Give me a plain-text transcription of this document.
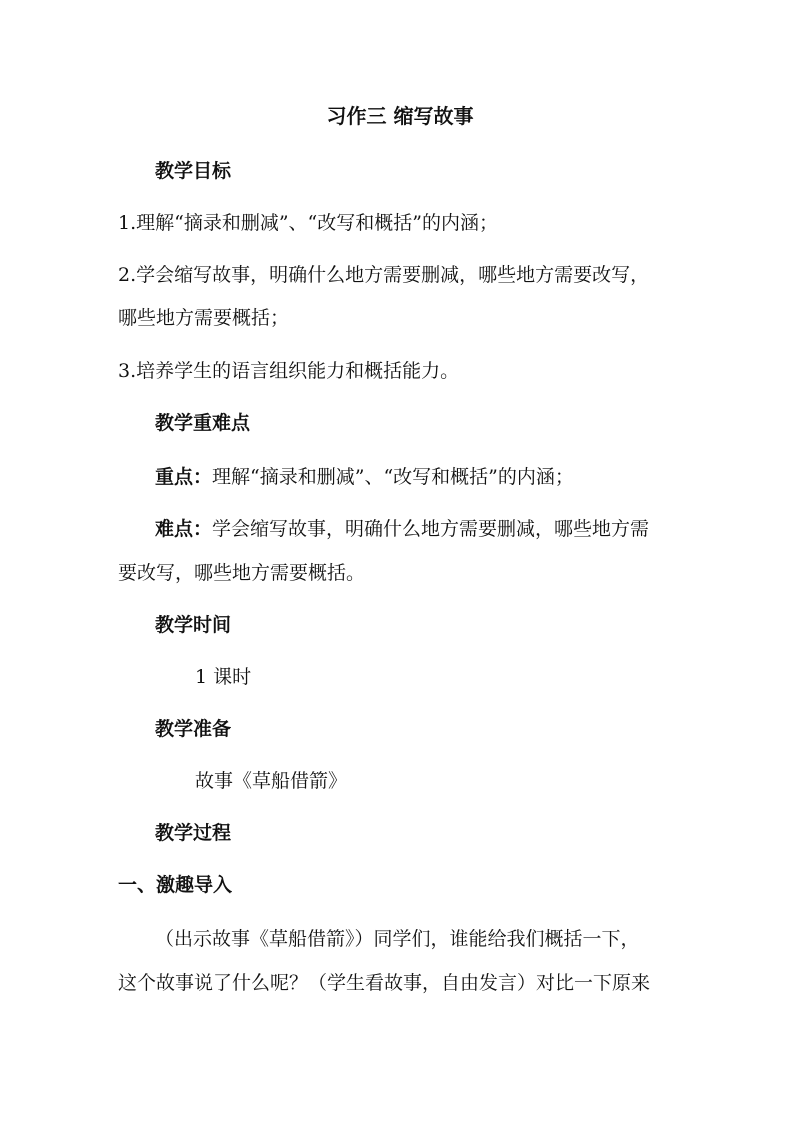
习作三 缩写故事
教学目标
1.理解“摘录和删减”、“改写和概括”的内涵；
2.学会缩写故事，明确什么地方需要删减，哪些地方需要改写，
哪些地方需要概括；
3.培养学生的语言组织能力和概括能力。
教学重难点
重点：理解“摘录和删减”、“改写和概括”的内涵；
难点：学会缩写故事，明确什么地方需要删减，哪些地方需
要改写，哪些地方需要概括。
教学时间
1 课时
教学准备
故事《草船借箭》
教学过程
一、激趣导入
（出示故事《草船借箭》）同学们，谁能给我们概括一下，
这个故事说了什么呢？（学生看故事，自由发言）对比一下原来
